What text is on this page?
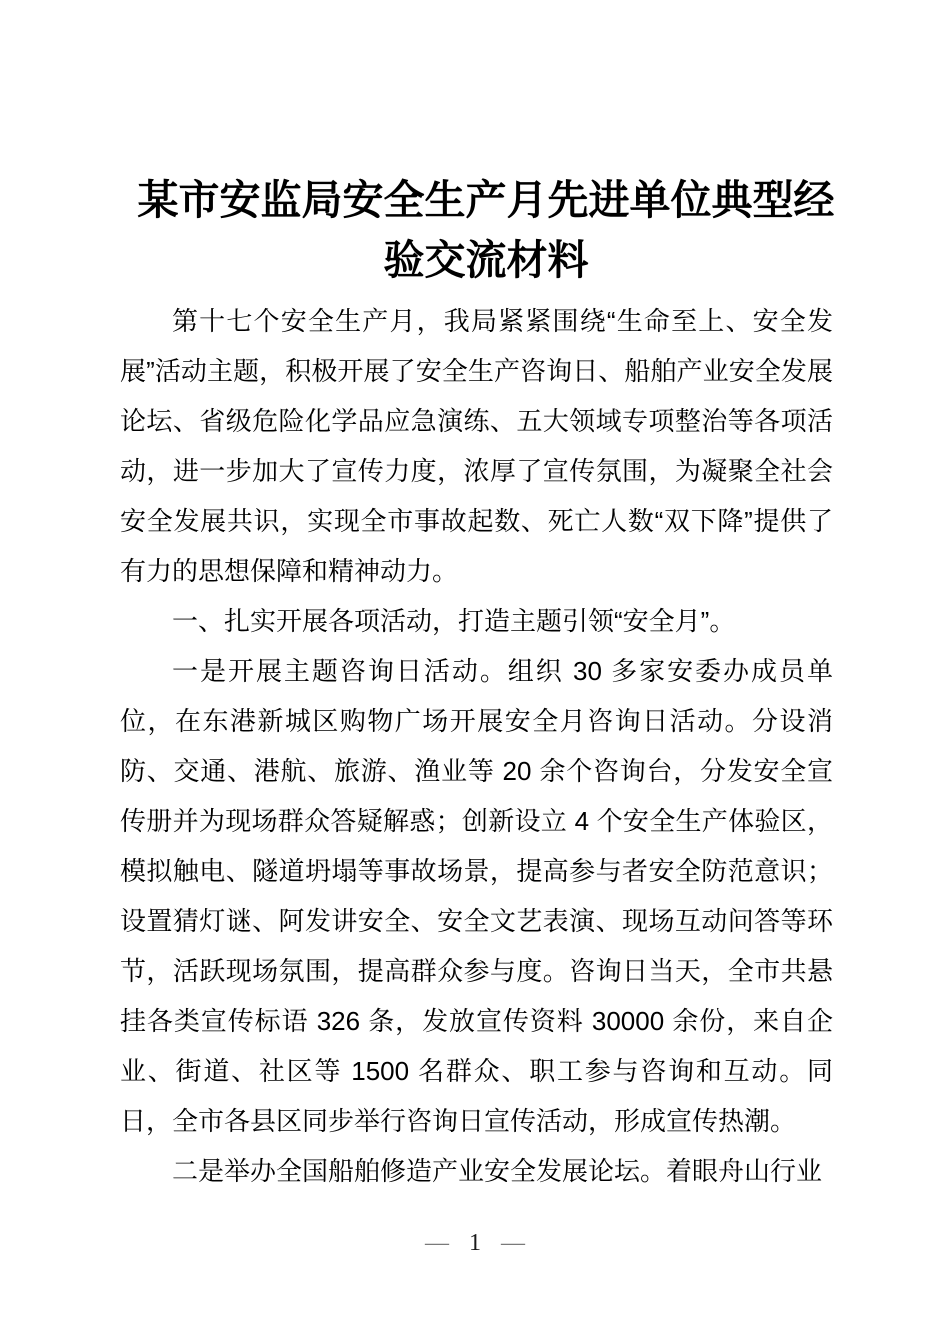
某市安监局安全生产月先进单位典型经验交流材料

第十七个安全生产月，我局紧紧围绕“生命至上、安全发展”活动主题，积极开展了安全生产咨询日、船舶产业安全发展论坛、省级危险化学品应急演练、五大领域专项整治等各项活动，进一步加大了宣传力度，浓厚了宣传氛围，为凝聚全社会安全发展共识，实现全市事故起数、死亡人数“双下降”提供了有力的思想保障和精神动力。

一、扎实开展各项活动，打造主题引领“安全月”。

一是开展主题咨询日活动。组织 30 多家安委办成员单位，在东港新城区购物广场开展安全月咨询日活动。分设消防、交通、港航、旅游、渔业等 20 余个咨询台，分发安全宣传册并为现场群众答疑解惑；创新设立 4 个安全生产体验区，模拟触电、隧道坍塌等事故场景，提高参与者安全防范意识；设置猜灯谜、阿发讲安全、安全文艺表演、现场互动问答等环节，活跃现场氛围，提高群众参与度。咨询日当天，全市共悬挂各类宣传标语 326 条，发放宣传资料 30000 余份，来自企业、街道、社区等 1500 名群众、职工参与咨询和互动。同日，全市各县区同步举行咨询日宣传活动，形成宣传热潮。

二是举办全国船舶修造产业安全发展论坛。着眼舟山行业

— 1 —
